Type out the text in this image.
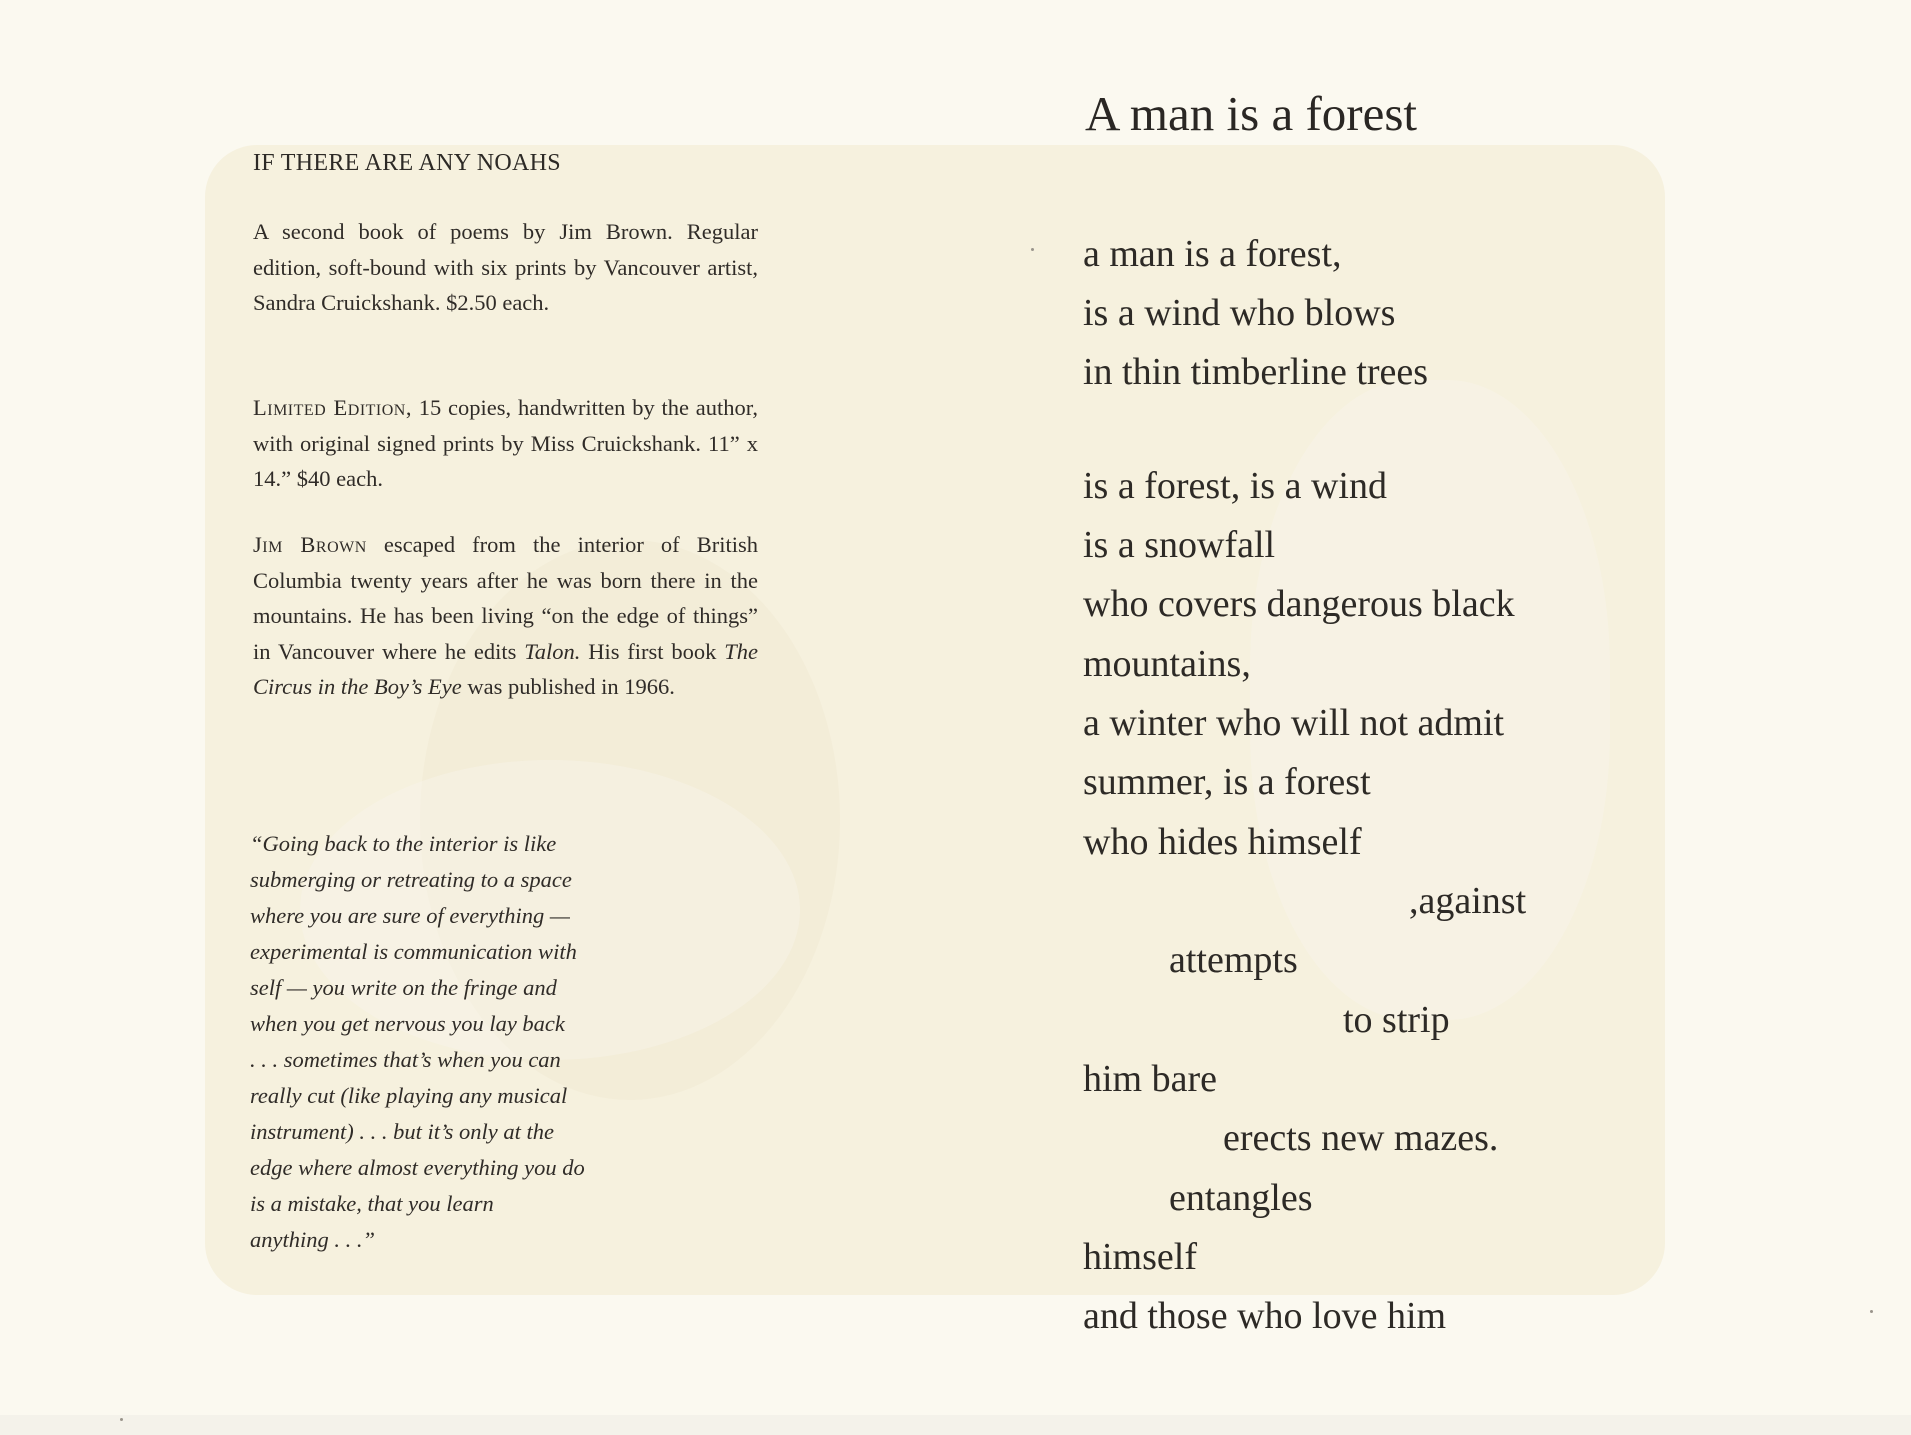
IF THERE ARE ANY NOAHS

A second book of poems by Jim Brown. Regular edition, soft-bound with six prints by Vancouver artist, Sandra Cruickshank. $2.50 each.

Limited Edition, 15 copies, handwritten by the author, with original signed prints by Miss Cruickshank. 11” x 14.” $40 each.

Jim Brown escaped from the interior of British Columbia twenty years after he was born there in the mountains. He has been living “on the edge of things” in Vancouver where he edits Talon. His first book The Circus in the Boy’s Eye was published in 1966.

“Going back to the interior is like
submerging or retreating to a space
where you are sure of everything —
experimental is communication with
self — you write on the fringe and
when you get nervous you lay back
. . . sometimes that’s when you can
really cut (like playing any musical
instrument) . . . but it’s only at the
edge where almost everything you do
is a mistake, that you learn
anything . . .”

A man is a forest
a man is a forest,
is a wind who blows
in thin timberline trees
is a forest, is a wind
is a snowfall
who covers dangerous black
mountains,
a winter who will not admit
summer, is a forest
who hides himself
,against
attempts
to strip
him bare
erects new mazes.
entangles
himself
and those who love him
